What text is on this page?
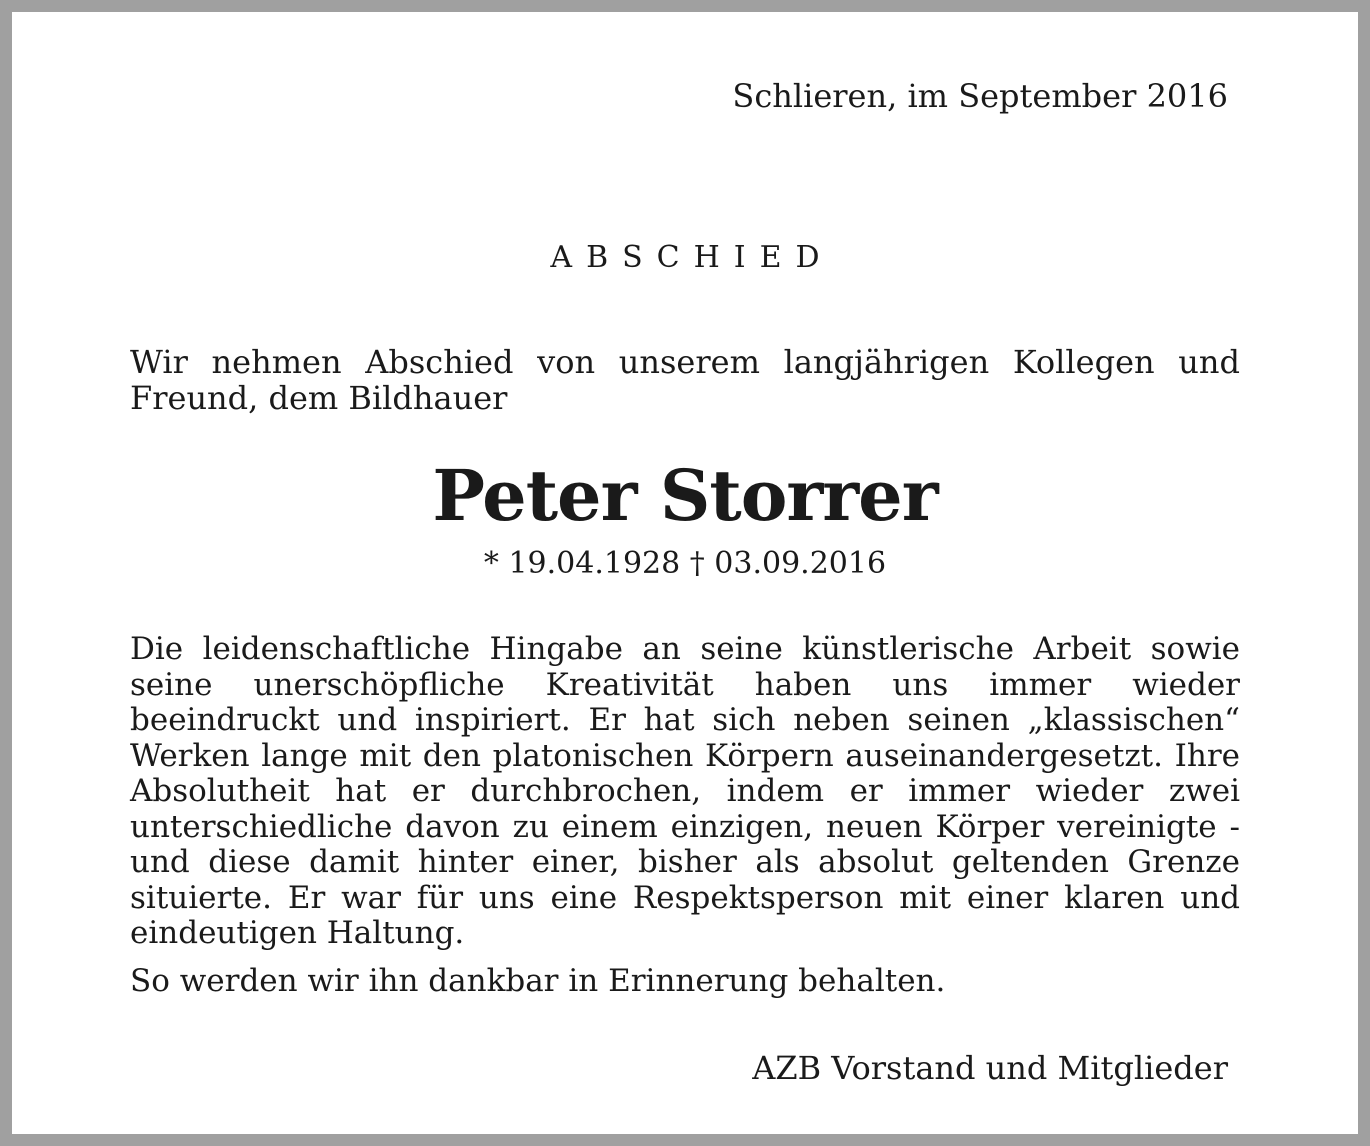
Schlieren, im September 2016
ABSCHIED
Wir nehmen Abschied von unserem langjährigen Kollegen und Freund, dem Bildhauer
Peter Storrer
* 19.04.1928 † 03.09.2016
Die leidenschaftliche Hingabe an seine künstlerische Arbeit sowie seine unerschöpfliche Kreativität haben uns immer wieder beeindruckt und inspiriert. Er hat sich neben seinen „klassischen“ Werken lange mit den platonischen Körpern auseinandergesetzt. Ihre Absolutheit hat er durchbrochen, indem er immer wieder zwei unterschiedliche davon zu einem einzigen, neuen Körper vereinigte - und diese damit hinter einer, bisher als absolut geltenden Grenze situierte. Er war für uns eine Respektsperson mit einer klaren und eindeutigen Haltung.
So werden wir ihn dankbar in Erinnerung behalten.
AZB Vorstand und Mitglieder
